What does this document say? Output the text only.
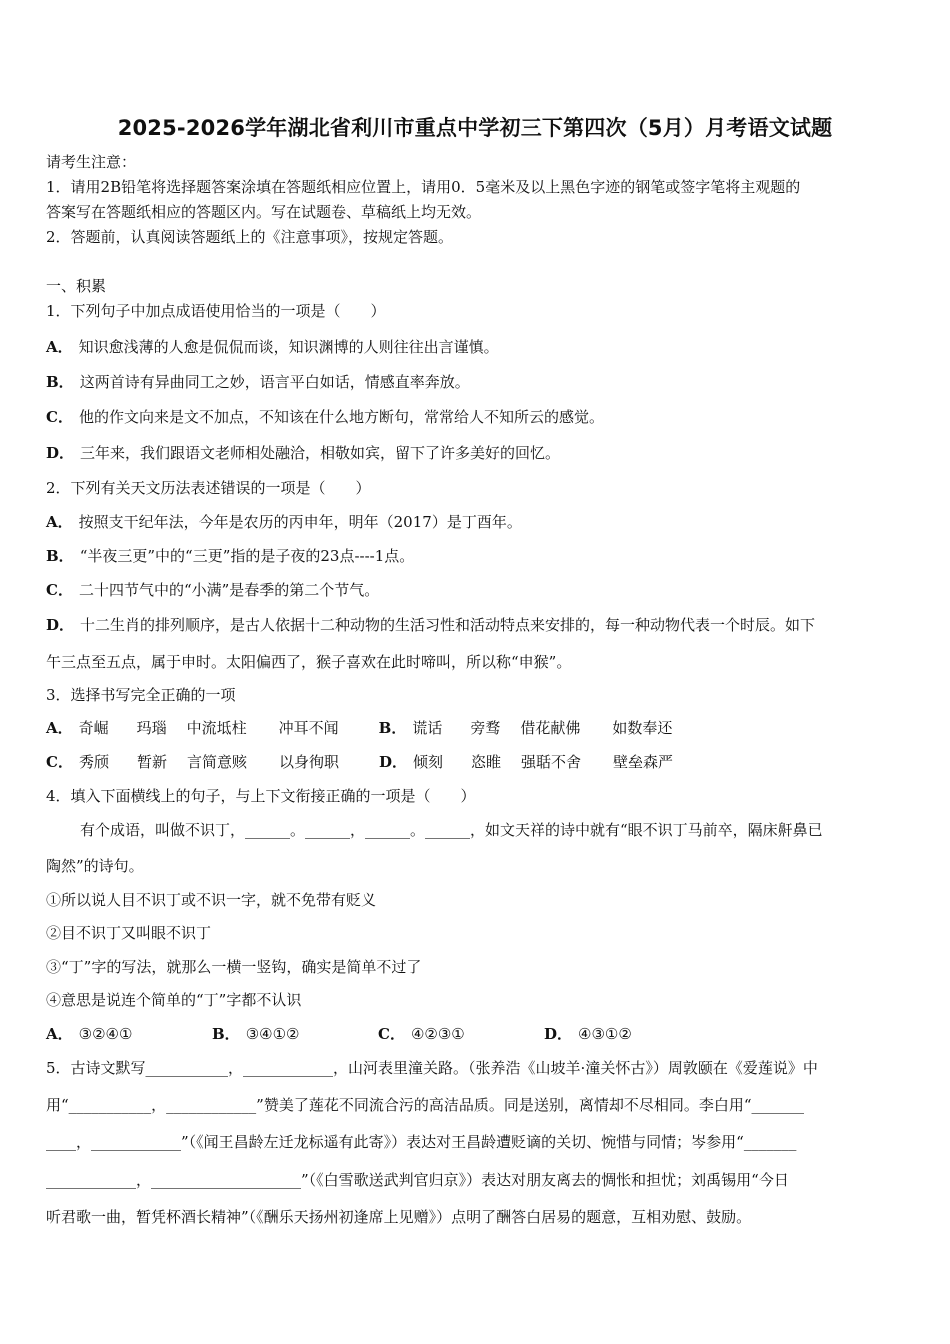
2025-2026学年湖北省利川市重点中学初三下第四次（5月）月考语文试题
请考生注意：
1．请用2B铅笔将选择题答案涂填在答题纸相应位置上，请用0．5毫米及以上黑色字迹的钢笔或签字笔将主观题的
答案写在答题纸相应的答题区内。写在试题卷、草稿纸上均无效。
2．答题前，认真阅读答题纸上的《注意事项》，按规定答题。
一、积累
1．下列句子中加点成语使用恰当的一项是（　　）
A． 知识愈浅薄的人愈是侃侃而谈，知识渊博的人则往往出言谨慎。
B． 这两首诗有异曲同工之妙，语言平白如话，情感直率奔放。
C． 他的作文向来是文不加点，不知该在什么地方断句，常常给人不知所云的感觉。
D． 三年来，我们跟语文老师相处融洽，相敬如宾，留下了许多美好的回忆。
2．下列有关天文历法表述错误的一项是（　　）
A． 按照支干纪年法，今年是农历的丙申年，明年（2017）是丁酉年。
B． “半夜三更”中的“三更”指的是子夜的23点----1点。
C． 二十四节气中的“小满”是春季的第二个节气。
D． 十二生肖的排列顺序，是古人依据十二种动物的生活习性和活动特点来安排的，每一种动物代表一个时辰。如下
午三点至五点，属于申时。太阳偏西了，猴子喜欢在此时啼叫，所以称“申猴”。
3．选择书写完全正确的一项
A． 奇崛 玛瑙 中流坻柱 冲耳不闻	B． 谎话 旁骛 借花献佛 如数奉还
C． 秀颀 暂新 言简意赅 以身徇职	D． 倾刻 恣睢 强聒不舍 壁垒森严
4．填入下面横线上的句子，与上下文衔接正确的一项是（　　）
有个成语，叫做不识丁，______。______，______。______，如文天祥的诗中就有“眼不识丁马前卒，隔床鼾鼻已
陶然”的诗句。
①所以说人目不识丁或不识一字，就不免带有贬义
②目不识丁又叫眼不识丁
③“丁”字的写法，就那么一横一竖钩，确实是简单不过了
④意思是说连个简单的“丁”字都不认识
A． ③②④①	B． ③④①②	C． ④②③①	D． ④③①②
5．古诗文默写___________，____________，山河表里潼关路。（张养浩《山坡羊·潼关怀古》）周敦颐在《爱莲说》中
用“___________，____________”赞美了莲花不同流合污的高洁品质。同是送别，离情却不尽相同。李白用“_______
____，____________”（《闻王昌龄左迁龙标遥有此寄》）表达对王昌龄遭贬谪的关切、惋惜与同情；岑参用“_______
____________，____________________”（《白雪歌送武判官归京》）表达对朋友离去的惆怅和担忧；刘禹锡用“今日
听君歌一曲，暂凭杯酒长精神”（《酬乐天扬州初逢席上见赠》）点明了酬答白居易的题意，互相劝慰、鼓励。
